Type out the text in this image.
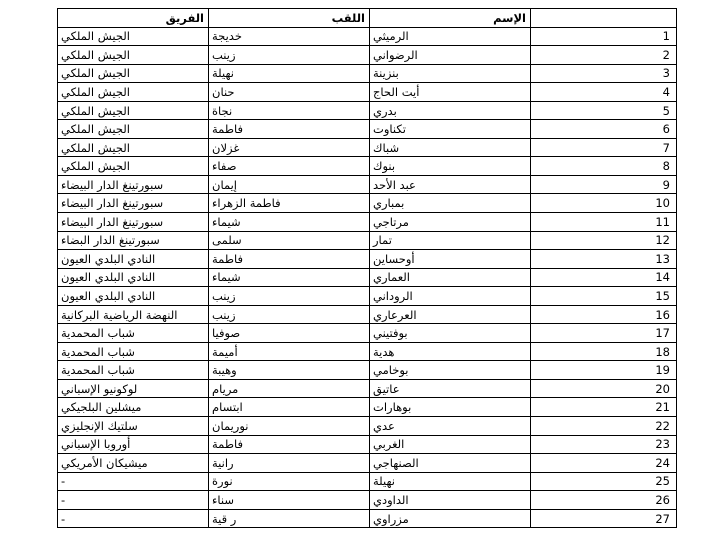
الفريق	اللقب	الإسم	
الجيش الملكي	خديجة	الرميثي	1
الجيش الملكي	زينب	الرضواني	2
الجيش الملكي	نهيلة	بنزينة	3
الجيش الملكي	حنان	أيت الحاج	4
الجيش الملكي	نجاة	بدري	5
الجيش الملكي	فاطمة	تكناوت	6
الجيش الملكي	غزلان	شباك	7
الجيش الملكي	صفاء	بنوك	8
سبورتينغ الدار البيضاء	إيمان	عبد الأحد	9
سبورتينغ الدار البيضاء	فاطمة الزهراء	بمباري	10
سبورتينغ الدار البيضاء	شيماء	مرتاجي	11
سبورتينغ الدار البضاء	سلمى	تمار	12
النادي البلدي العيون	فاطمة	أوحساين	13
النادي البلدي العيون	شيماء	العماري	14
النادي البلدي العيون	زينب	الروداني	15
النهضة الرياضية البركانية	زينب	العرعاري	16
شباب المحمدية	صوفيا	بوفتيني	17
شباب المحمدية	أميمة	هدية	18
شباب المحمدية	وهيبة	بوخامي	19
لوكونيو الإسباني	مريام	عاتيق	20
ميشلين البلجيكي	ابتسام	بوهارات	21
سلتيك الإنجليزي	نوريمان	عدي	22
أوروبا الإسباني	فاطمة	الغربي	23
ميشيكان الأمريكي	رانية	الصنهاجي	24
-	نورة	نهيلة	25
-	سناء	الداودي	26
-	ر قية	مزراوي	27
